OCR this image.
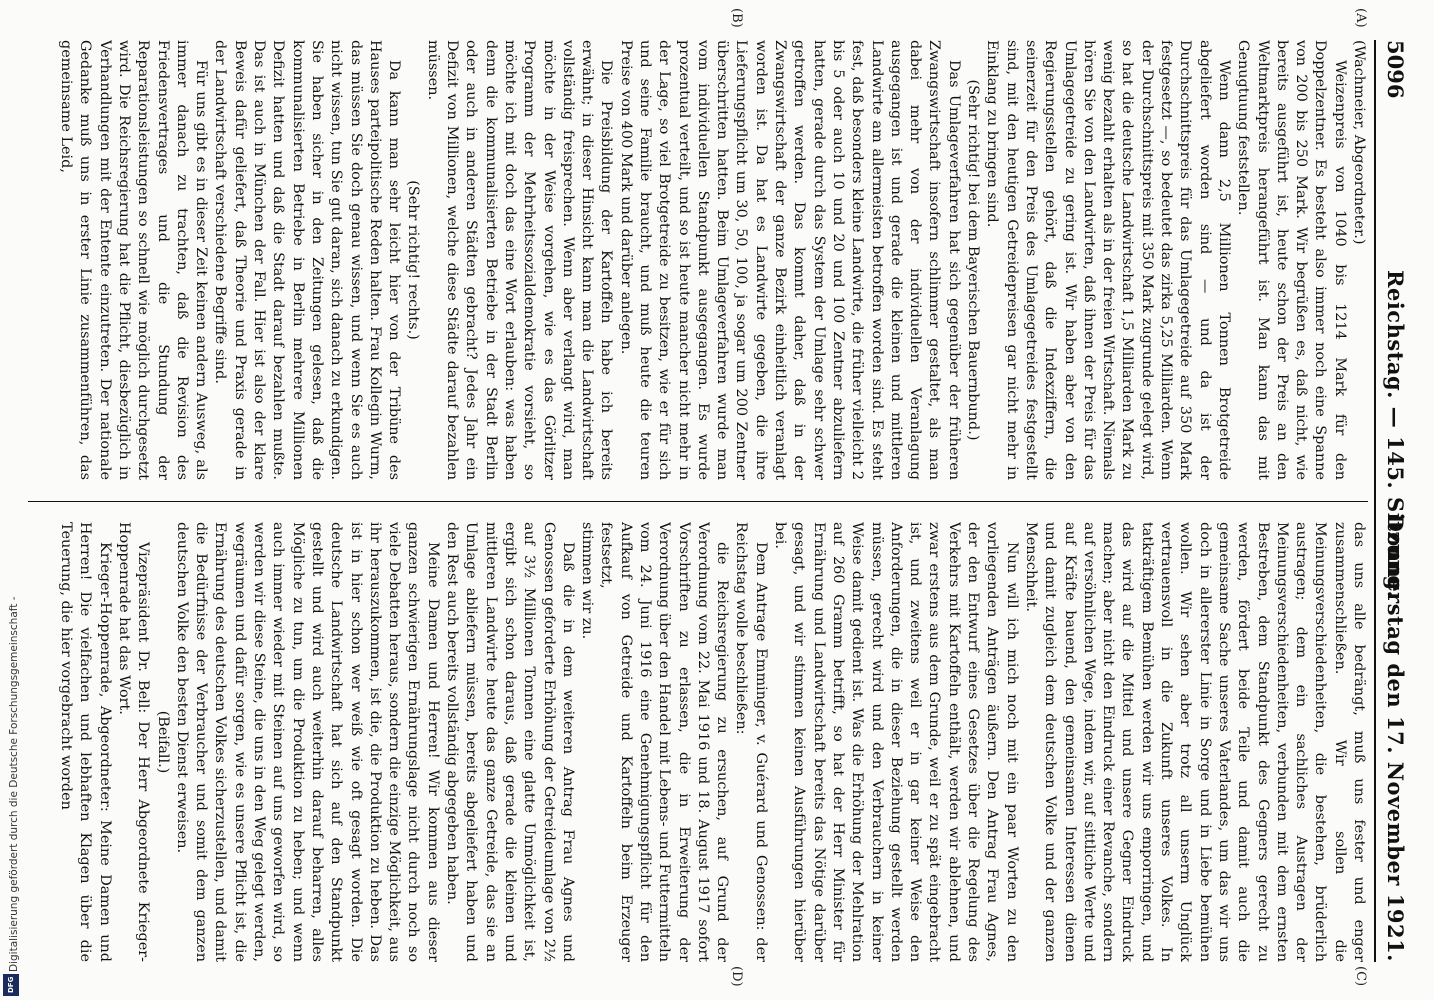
5096
Reichstag. — 145. Sitzung.
Donnerstag den 17. November 1921.
(A)
(B)
(C)
(D)

(Wachmeier, Abgeordneter.)

Weizenpreis von 1040 bis 1214 Mark für den Doppelzentner. Es besteht also immer noch eine Spanne von 200 bis 250 Mark. Wir begrüßen es, daß nicht, wie bereits ausgeführt ist, heute schon der Preis an den Weltmarktpreis herangeführt ist. Man kann das mit Genugtuung feststellen.

Wenn dann 2,5 Millionen Tonnen Brotgetreide abgeliefert worden sind — und da ist der Durchschnittspreis für das Umlagegetreide auf 350 Mark festgesetzt —, so bedeutet das zirka 5,25 Milliarden. Wenn der Durchschnittspreis mit 350 Mark zugrunde gelegt wird, so hat die deutsche Landwirtschaft 1,5 Milliarden Mark zu wenig bezahlt erhalten als in der freien Wirtschaft. Niemals hören Sie von den Landwirten, daß ihnen der Preis für das Umlagegetreide zu gering ist. Wir haben aber von den Regierungsstellen gehört, daß die Indexziffern, die seinerzeit für den Preis des Umlagegetreides festgestellt sind, mit den heutigen Getreidepreisen gar nicht mehr in Einklang zu bringen sind.

(Sehr richtig! bei dem Bayerischen Bauernbund.)

Das Umlageverfahren hat sich gegenüber der früheren Zwangswirtschaft insofern schlimmer gestaltet, als man dabei mehr von der individuellen Veranlagung ausgegangen ist und gerade die kleinen und mittleren Landwirte am allermeisten betroffen worden sind. Es steht fest, daß besonders kleine Landwirte, die früher vielleicht 2 bis 5 oder auch 10 und 20 und 100 Zentner abzuliefern hatten, gerade durch das System der Umlage sehr schwer getroffen werden. Das kommt daher, daß in der Zwangswirtschaft der ganze Bezirk einheitlich veranlagt worden ist. Da hat es Landwirte gegeben, die ihre Lieferungspflicht um 30, 50, 100, ja sogar um 200 Zentner überschritten hatten. Beim Umlageverfahren wurde man vom individuellen Standpunkt ausgegangen. Es wurde prozentual verteilt, und so ist heute mancher nicht mehr in der Lage, so viel Brotgetreide zu besitzen, wie er für sich und seine Familie braucht, und muß heute die teuren Preise von 400 Mark und darüber anlegen.

Die Preisbildung der Kartoffeln habe ich bereits erwähnt; in dieser Hinsicht kann man die Landwirtschaft vollständig freisprechen. Wenn aber verlangt wird, man möchte in der Weise vorgehen, wie es das Görlitzer Programm der Mehrheitssozialdemokratie vorsieht, so möchte ich mit doch das eine Wort erlauben: was haben denn die kommunalisierten Betriebe in der Stadt Berlin oder auch in anderen Städten gebracht? Jedes Jahr ein Defizit von Millionen, welche diese Städte darauf bezahlen müssen.

(Sehr richtig! rechts.)

Da kann man sehr leicht hier von der Tribüne des Hauses parteipolitische Reden halten. Frau Kollegin Wurm, das müssen Sie doch genau wissen, und wenn Sie es auch nicht wissen, tun Sie gut daran, sich danach zu erkundigen. Sie haben sicher in den Zeitungen gelesen, daß die kommunalisierten Betriebe in Berlin mehrere Millionen Defizit hatten und daß die Stadt darauf bezahlen mußte. Das ist auch in München der Fall. Hier ist also der klare Beweis dafür geliefert, daß Theorie und Praxis gerade in der Landwirtschaft verschiedene Begriffe sind.

Für uns gibt es in dieser Zeit keinen andern Ausweg, als immer danach zu trachten, daß die Revision des Friedensvertrages und die Stundung der Reparationsleistungen so schnell wie möglich durchgesetzt wird. Die Reichsregierung hat die Pflicht, diesbezüglich in Verhandlungen mit der Entente einzutreten. Der nationale Gedanke muß uns in erster Linie zusammenführen, das gemeinsame Leid,

das uns alle bedrängt, muß uns fester und enger zusammenschließen. Wir sollen die Meinungsverschiedenheiten, die bestehen, brüderlich austragen; dem ein sachliches Austragen der Meinungsverschiedenheiten, verbunden mit dem ernsten Bestreben, dem Standpunkt des Gegners gerecht zu werden, fördert beide Teile und damit auch die gemeinsame Sache unseres Vaterlandes, um das wir uns doch in allererster Linie in Sorge und in Liebe bemühen wollen. Wir sehen aber trotz all unserm Unglück vertrauensvoll in die Zukunft unseres Volkes. In tatkräftigem Bemühen werden wir uns emporringen, und das wird auf die Mittel und unsere Gegner Eindruck machen; aber nicht den Eindruck einer Revanche, sondern auf versöhnlichen Wege, indem wir, auf sittliche Werte und auf Kräfte bauend, den gemeinsamen Interessen dienen und damit zugleich dem deutschen Volke und der ganzen Menschheit.

Nun will ich mich noch mit ein paar Worten zu den vorliegenden Anträgen äußern. Den Antrag Frau Agnes, der den Entwurf eines Gesetzes über die Regelung des Verkehrs mit Kartoffeln enthält, werden wir ablehnen, und zwar erstens aus dem Grunde, weil er zu spät eingebracht ist, und zweitens weil er in gar keiner Weise den Anforderungen, die in dieser Beziehung gestellt werden müssen, gerecht wird und den Verbrauchern in keiner Weise damit gedient ist. Was die Erhöhung der Mehlration auf 260 Gramm betrifft, so hat der Herr Minister für Ernährung und Landwirtschaft bereits das Nötige darüber gesagt, und wir stimmen keinen Ausführungen hierüber bei.

Dem Antrage Emminger, v. Guérard und Genossen: der Reichstag wolle beschließen:

die Reichsregierung zu ersuchen, auf Grund der Verordnung vom 22. Mai 1916 und 18. August 1917 sofort Vorschriften zu erlassen, die in Erweiterung der Verordnung über den Handel mit Lebens- und Futtermitteln vom 24. Juni 1916 eine Genehmigungspflicht für den Aufkauf von Getreide und Kartoffeln beim Erzeuger festsetzt,

stimmen wir zu.

Daß die in dem weiteren Antrag Frau Agnes und Genossen geforderte Erhöhung der Getreideumlage von 2½ auf 3½ Millionen Tonnen eine glatte Unmöglichkeit ist, ergibt sich schon daraus, daß gerade die kleinen und mittleren Landwirte heute das ganze Getreide, das sie an Umlage abliefern müssen, bereits abgeliefert haben und den Rest auch bereits vollständig abgegeben haben.

Meine Damen und Herren! Wir kommen aus dieser ganzen schwierigen Ernährungslage nicht durch noch so viele Debatten heraus, sondern die einzige Möglichkeit, aus ihr herauszukommen, ist die, die Produktion zu heben. Das ist in hier schon wer weiß wie oft gesagt worden. Die deutsche Landwirtschaft hat sich auf den Standpunkt gestellt und wird auch weiterhin darauf beharren, alles Mögliche zu tun, um die Produktion zu heben; und wenn auch immer wieder mit Steinen auf uns geworfen wird, so werden wir diese Steine, die uns in den Weg gelegt werden, wegräumen und dafür sorgen, wie es unsere Pflicht ist, die Ernährung des deutschen Volkes sicherzustellen, und damit die Bedürfnisse der Verbraucher und somit dem ganzen deutschen Volke den besten Dienst erweisen.

(Beifall.)

Vizepräsident Dr. Bell: Der Herr Abgeordnete Krieger-Hoppenrade hat das Wort.

Krieger-Hoppenrade, Abgeordneter: Meine Damen und Herren! Die vielfachen und lebhaften Klagen über die Teuerung, die hier vorgebracht worden

Digitalisierung gefördert durch die Deutsche Forschungsgemeinschaft -
DFG
